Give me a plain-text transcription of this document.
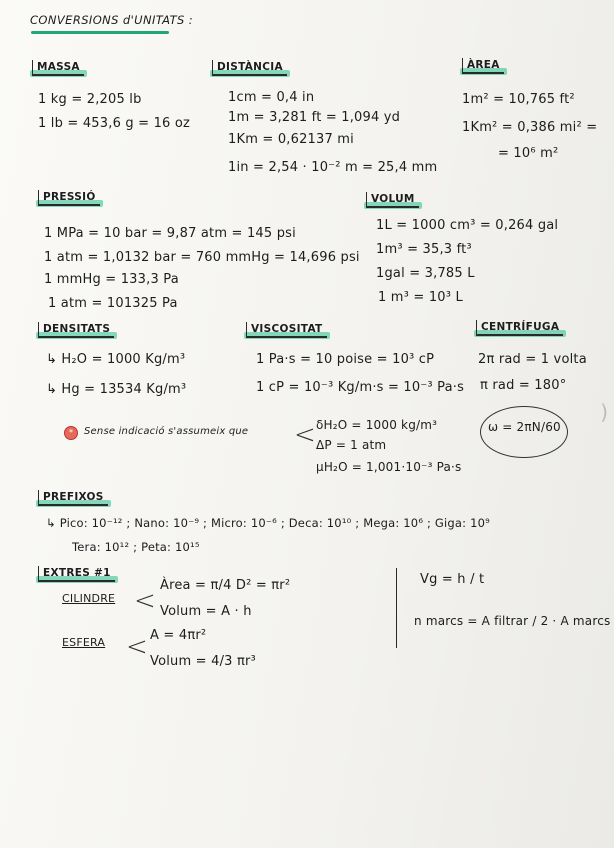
CONVERSIONS d'UNITATS :
MASSA
1 kg = 2,205 lb
1 lb = 453,6 g = 16 oz
DISTÀNCIA
1cm = 0,4 in
1m = 3,281 ft = 1,094 yd
1Km = 0,62137 mi
1in = 2,54 · 10⁻² m = 25,4 mm
ÀREA
1m² = 10,765 ft²
1Km² = 0,386 mi² =
= 10⁶ m²
PRESSIÓ
1 MPa = 10 bar = 9,87 atm = 145 psi
1 atm = 1,0132 bar = 760 mmHg = 14,696 psi
1 mmHg = 133,3 Pa
1 atm = 101325 Pa
VOLUM
1L = 1000 cm³ = 0,264 gal
1m³ = 35,3 ft³
1gal = 3,785 L
1 m³ = 10³ L
DENSITATS
↳ H₂O = 1000 Kg/m³
↳ Hg = 13534 Kg/m³
VISCOSITAT
1 Pa·s = 10 poise = 10³ cP
1 cP = 10⁻³ Kg/m·s = 10⁻³ Pa·s
CENTRÍFUGA
2π rad = 1 volta
π rad = 180°
ω = 2πN/60
*	Sense indicació s'assumeix que < δH₂O = 1000 kg/m³
ΔP = 1 atm
μH₂O = 1,001·10⁻³ Pa·s
PREFIXOS
↳ Pico: 10⁻¹² ; Nano: 10⁻⁹ ; Micro: 10⁻⁶ ; Deca: 10¹⁰ ; Mega: 10⁶ ; Giga: 10⁹
Tera: 10¹² ; Peta: 10¹⁵
EXTRES #1
CILINDRE <
Àrea = π/4 D² = πr²
Volum = A · h
ESFERA < A = 4πr²
Volum = 4/3 πr³
Vg = h / t
n marcs = A filtrar / 2 · A marcs
)
